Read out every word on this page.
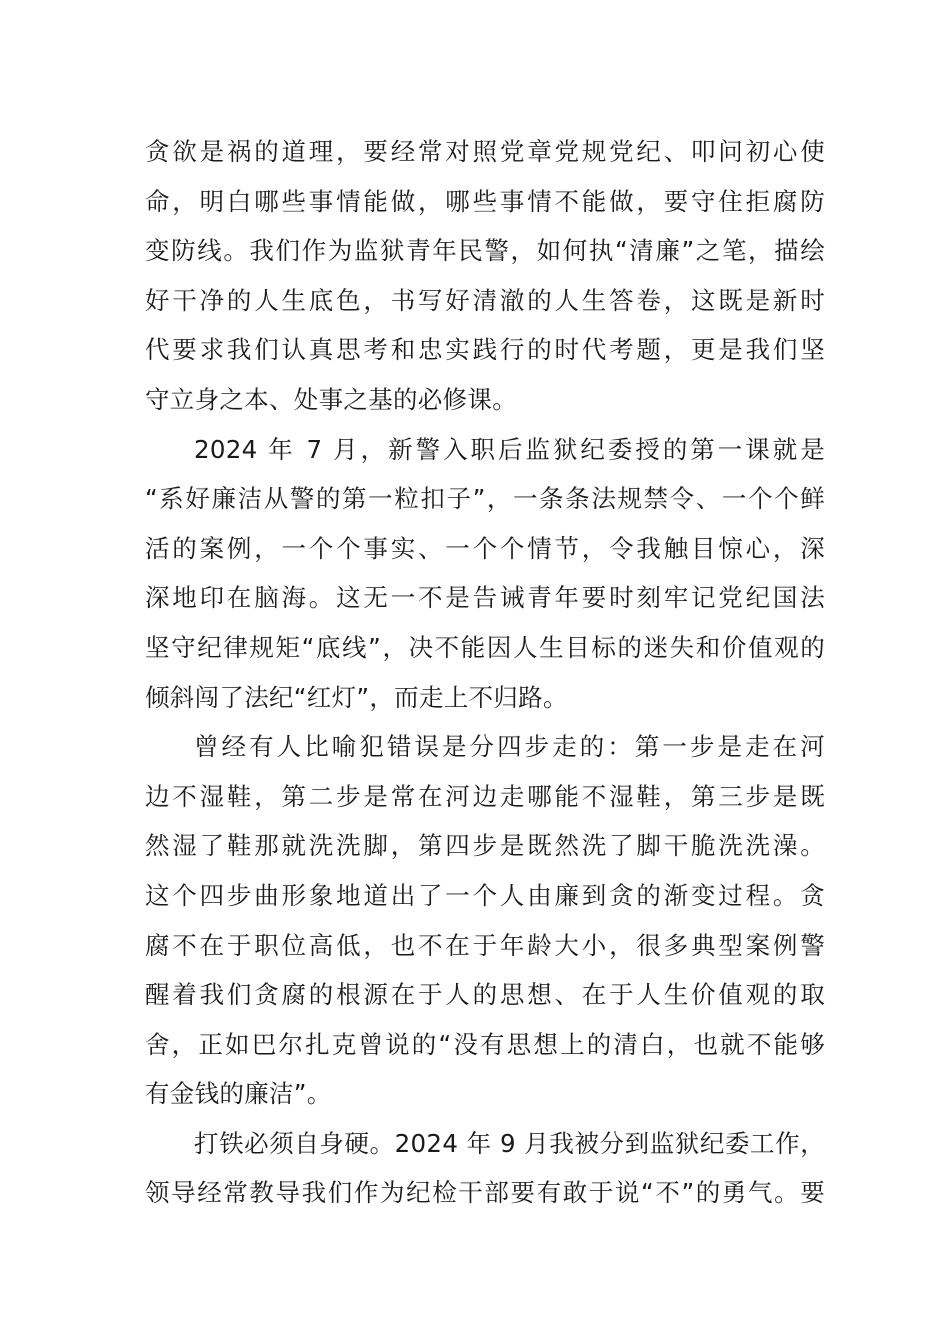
贪欲是祸的道理，要经常对照党章党规党纪、叩问初心使
命，明白哪些事情能做，哪些事情不能做，要守住拒腐防
变防线。我们作为监狱青年民警，如何执“清廉”之笔，描绘
好干净的人生底色，书写好清澈的人生答卷，这既是新时
代要求我们认真思考和忠实践行的时代考题，更是我们坚
守立身之本、处事之基的必修课。
2024 年 7 月，新警入职后监狱纪委授的第一课就是
“系好廉洁从警的第一粒扣子”，一条条法规禁令、一个个鲜
活的案例，一个个事实、一个个情节，令我触目惊心，深
深地印在脑海。这无一不是告诫青年要时刻牢记党纪国法
坚守纪律规矩“底线”，决不能因人生目标的迷失和价值观的
倾斜闯了法纪“红灯”，而走上不归路。
曾经有人比喻犯错误是分四步走的：第一步是走在河
边不湿鞋，第二步是常在河边走哪能不湿鞋，第三步是既
然湿了鞋那就洗洗脚，第四步是既然洗了脚干脆洗洗澡。
这个四步曲形象地道出了一个人由廉到贪的渐变过程。贪
腐不在于职位高低，也不在于年龄大小，很多典型案例警
醒着我们贪腐的根源在于人的思想、在于人生价值观的取
舍，正如巴尔扎克曾说的“没有思想上的清白，也就不能够
有金钱的廉洁”。
打铁必须自身硬。2024 年 9 月我被分到监狱纪委工作，
领导经常教导我们作为纪检干部要有敢于说“不”的勇气。要
